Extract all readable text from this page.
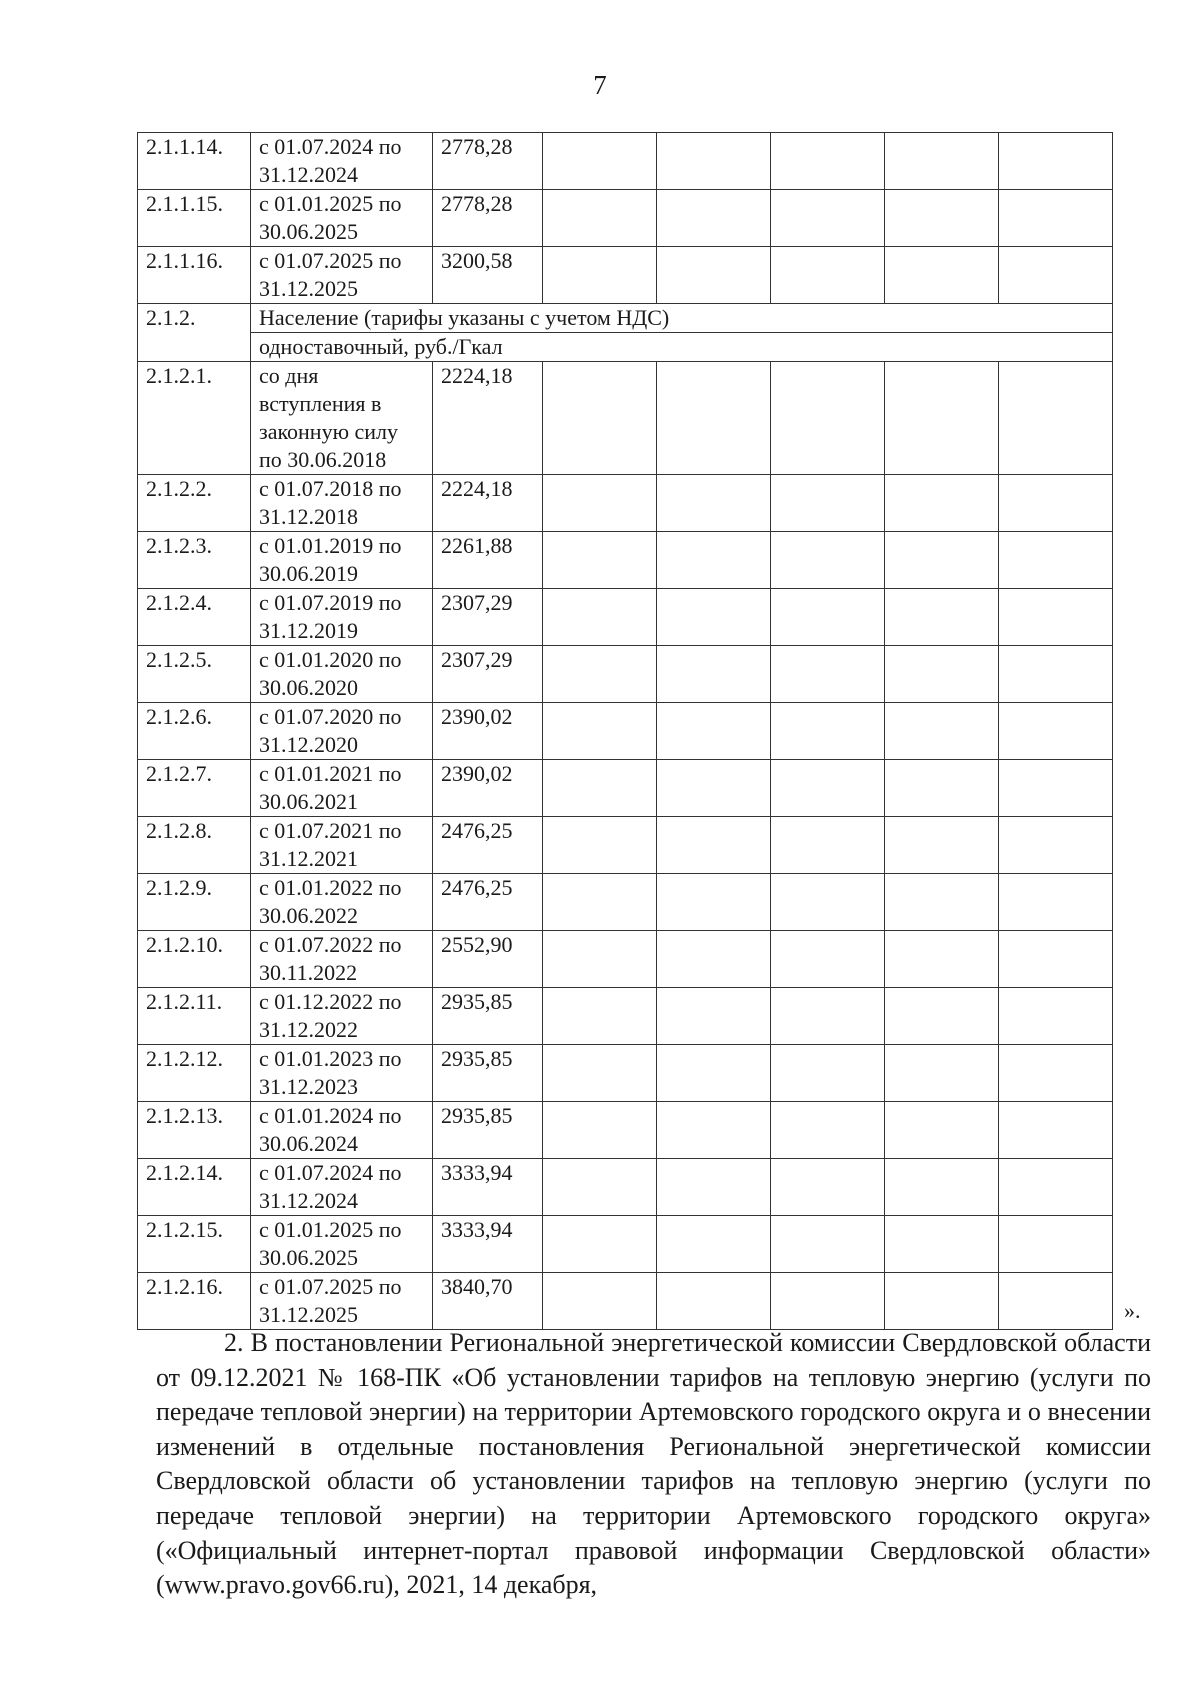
7
2.1.1.14.	с 01.07.2024 по 31.12.2024	2778,28					
2.1.1.15.	с 01.01.2025 по 30.06.2025	2778,28					
2.1.1.16.	с 01.07.2025 по 31.12.2025	3200,58					
2.1.2.	Население (тарифы указаны с учетом НДС)						
	одноставочный, руб./Гкал						
2.1.2.1.	со дня вступления в законную силу по 30.06.2018	2224,18					
2.1.2.2.	с 01.07.2018 по 31.12.2018	2224,18					
2.1.2.3.	с 01.01.2019 по 30.06.2019	2261,88					
2.1.2.4.	с 01.07.2019 по 31.12.2019	2307,29					
2.1.2.5.	с 01.01.2020 по 30.06.2020	2307,29					
2.1.2.6.	с 01.07.2020 по 31.12.2020	2390,02					
2.1.2.7.	с 01.01.2021 по 30.06.2021	2390,02					
2.1.2.8.	с 01.07.2021 по 31.12.2021	2476,25					
2.1.2.9.	с 01.01.2022 по 30.06.2022	2476,25					
2.1.2.10.	с 01.07.2022 по 30.11.2022	2552,90					
2.1.2.11.	с 01.12.2022 по 31.12.2022	2935,85					
2.1.2.12.	с 01.01.2023 по 31.12.2023	2935,85					
2.1.2.13.	с 01.01.2024 по 30.06.2024	2935,85					
2.1.2.14.	с 01.07.2024 по 31.12.2024	3333,94					
2.1.2.15.	с 01.01.2025 по 30.06.2025	3333,94					
2.1.2.16.	с 01.07.2025 по 31.12.2025	3840,70					
».

2. В постановлении Региональной энергетической комиссии Свердловской области от 09.12.2021 № 168-ПК «Об установлении тарифов на тепловую энергию (услуги по передаче тепловой энергии) на территории Артемовского городского округа и о внесении изменений в отдельные постановления Региональной энергетической комиссии Свердловской области об установлении тарифов на тепловую энергию (услуги по передаче тепловой энергии) на территории Артемовского городского округа» («Официальный интернет-портал правовой информации Свердловской области» (www.pravo.gov66.ru), 2021, 14 декабря,
